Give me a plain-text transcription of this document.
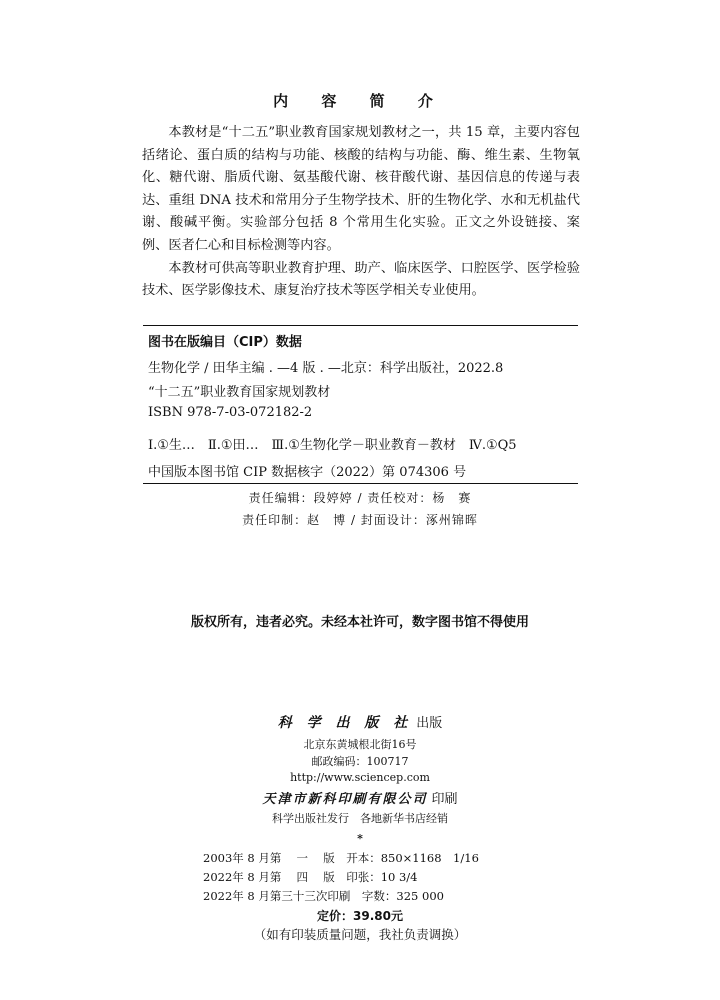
内 容 简 介

本教材是“十二五”职业教育国家规划教材之一，共 15 章，主要内容包括绪论、蛋白质的结构与功能、核酸的结构与功能、酶、维生素、生物氧化、糖代谢、脂质代谢、氨基酸代谢、核苷酸代谢、基因信息的传递与表达、重组 DNA 技术和常用分子生物学技术、肝的生物化学、水和无机盐代谢、酸碱平衡。实验部分包括 8 个常用生化实验。正文之外设链接、案例、医者仁心和目标检测等内容。

本教材可供高等职业教育护理、助产、临床医学、口腔医学、医学检验技术、医学影像技术、康复治疗技术等医学相关专业使用。

图书在版编目（CIP）数据
生物化学 / 田华主编 . —4 版 . —北京：科学出版社，2022.8
“十二五”职业教育国家规划教材
ISBN 978-7-03-072182-2
Ⅰ.①生…　Ⅱ.①田…　Ⅲ.①生物化学－职业教育－教材　Ⅳ.①Q5
中国版本图书馆 CIP 数据核字（2022）第 074306 号
责任编辑：段婷婷 / 责任校对：杨　赛
责任印制：赵　博 / 封面设计：涿州锦晖
版权所有，违者必究。未经本社许可，数字图书馆不得使用
科 学 出 版 社 出版
北京东黄城根北街16号
邮政编码：100717
http://www.sciencep.com
天津市新科印刷有限公司 印刷
科学出版社发行　各地新华书店经销
*
2003年 8 月第　 一　 版　开本：850×1168　1/16
2022年 8 月第　 四　 版　印张：10 3/4
2022年 8 月第三十三次印刷　字数：325 000
定价：39.80元
（如有印装质量问题，我社负责调换）
